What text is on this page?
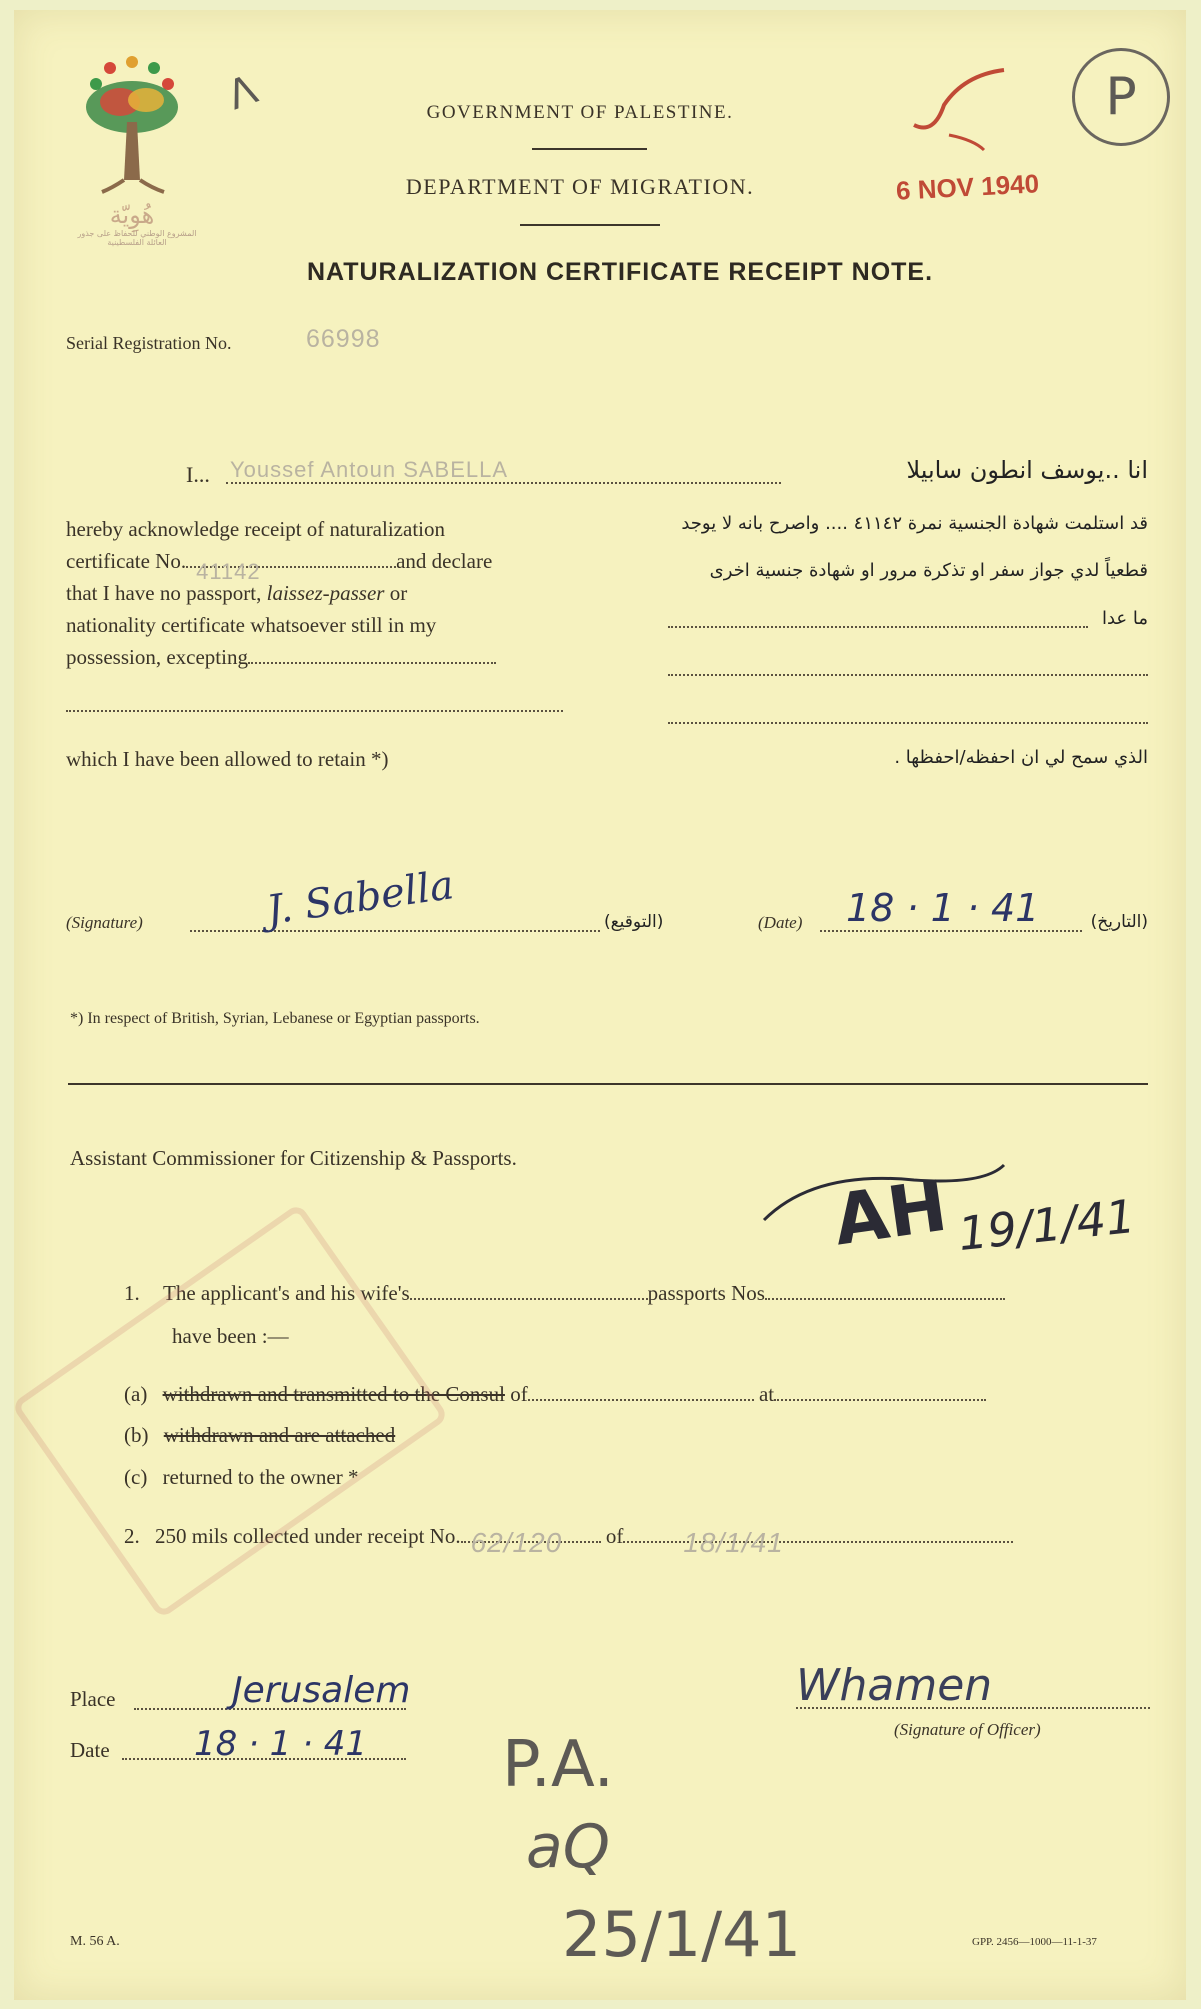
هُوِيّة
المشروع الوطني للحفاظ على جذور العائلة الفلسطينية
ᐱ	GOVERNMENT OF PALESTINE.
DEPARTMENT OF MIGRATION.
NATURALIZATION CERTIFICATE RECEIPT NOTE.
6 NOV 1940
P
Serial Registration No.	66998
I... Youssef Antoun SABELLA	انا ..يوسف انطون سابيلا
hereby acknowledge receipt of naturalization
certificate No. 41142	and declare
that I have no passport, laissez-passer or
nationality certificate whatsoever still in my
possession, excepting
which I have been allowed to retain *)
قد استلمت شهادة الجنسية نمرة ٤١١٤٢ .... واصرح بانه لا يوجد
قطعياً لدي جواز سفر او تذكرة مرور او شهادة جنسية اخرى
ما عدا
الذي سمح لي ان احفظه/احفظها .
(Signature)	J. Sabella	(التوقيع)	(Date) 18 · 1 · 41	(التاريخ)
*) In respect of British, Syrian, Lebanese or Egyptian passports.
Assistant Commissioner for Citizenship & Passports.
AH 19/1/41
1. The applicant's and his wife's	passports Nos
have been :—
(a) withdrawn and transmitted to the Consul of	at
(b) withdrawn and are attached
(c) returned to the owner *
2. 250 mils collected under receipt No. 62/120 of 18/1/41
Place	Jerusalem
Date 18 · 1 · 41
Whamen
(Signature of Officer)
P.A.
aQ
25/1/41
M. 56 A.	GPP. 2456—1000—11-1-37
